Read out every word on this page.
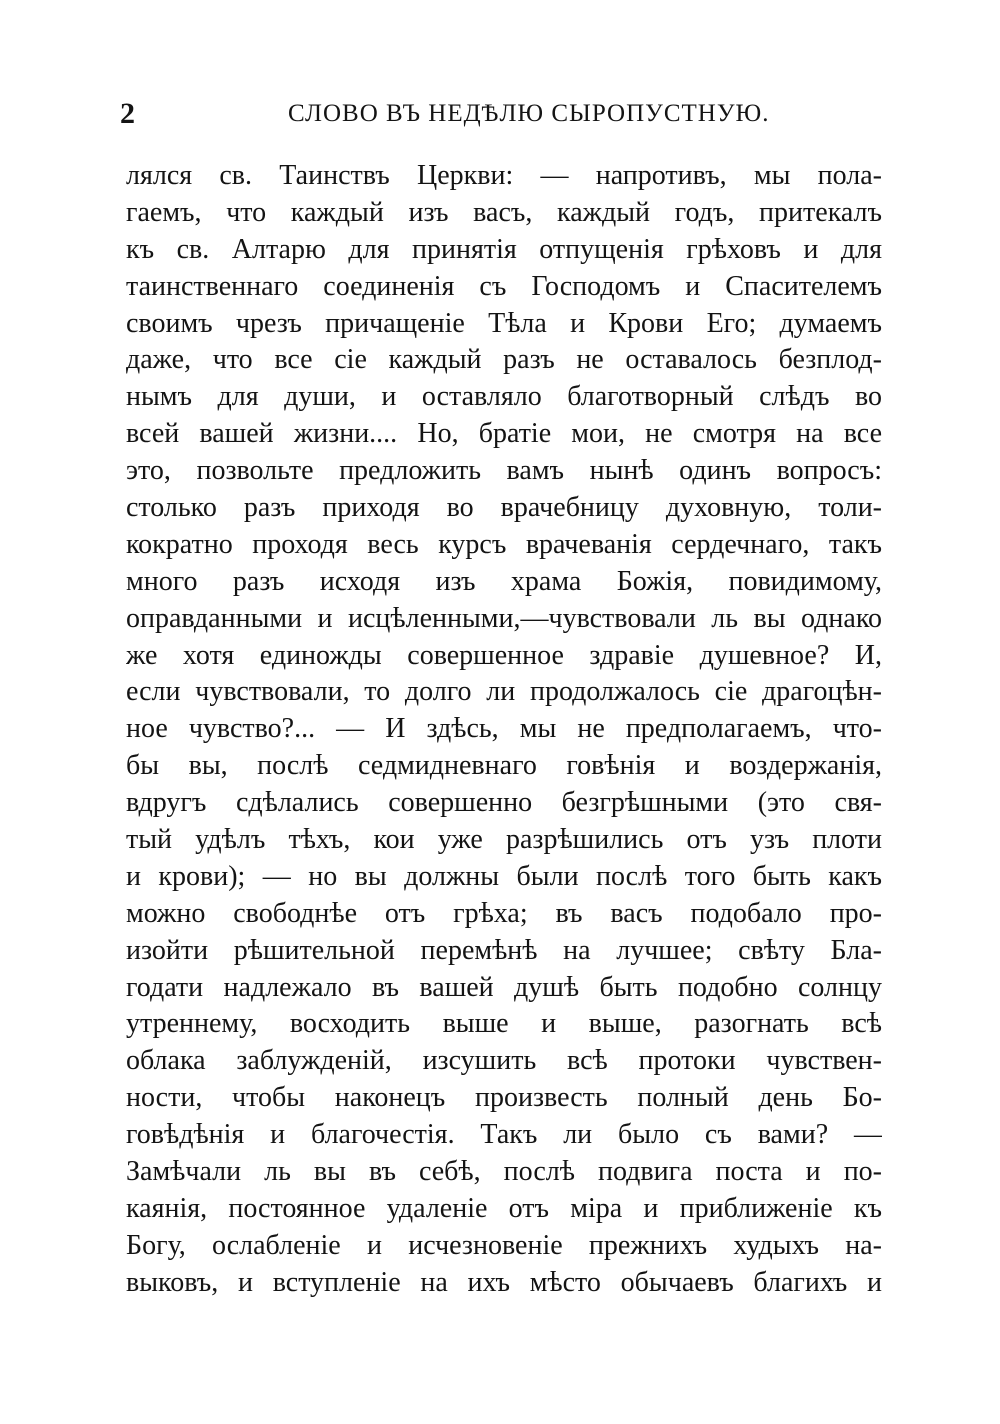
2	СЛОВО ВЪ НЕДѢЛЮ СЫРОПУСТНУЮ.
лялся св. Таинствъ Церкви: — напротивъ, мы пола-
гаемъ, что каждый изъ васъ, каждый годъ, притекалъ
къ св. Алтарю для принятія отпущенія грѣховъ и для
таинственнаго соединенія съ Господомъ и Спасителемъ
своимъ чрезъ причащеніе Тѣла и Крови Его; думаемъ
даже, что все сіе каждый разъ не оставалось безплод-
нымъ для души, и оставляло благотворный слѣдъ во
всей вашей жизни.... Но, братіе мои, не смотря на все
это, позвольте предложить вамъ нынѣ одинъ вопросъ:
столько разъ приходя во врачебницу духовную, толи-
кократно проходя весь курсъ врачеванія сердечнаго, такъ
много разъ исходя изъ храма Божія, повидимому,
оправданными и исцѣленными,—чувствовали ль вы однако
же хотя единожды совершенное здравіе душевное? И,
если чувствовали, то долго ли продолжалось сіе драгоцѣн-
ное чувство?... — И здѣсь, мы не предполагаемъ, что-
бы вы, послѣ седмидневнаго говѣнія и воздержанія,
вдругъ сдѣлались совершенно безгрѣшными (это свя-
тый удѣлъ тѣхъ, кои уже разрѣшились отъ узъ плоти
и крови); — но вы должны были послѣ того быть какъ
можно свободнѣе отъ грѣха; въ васъ подобало про-
изойти рѣшительной перемѣнѣ на лучшее; свѣту Бла-
годати надлежало въ вашей душѣ быть подобно солнцу
утреннему, восходить выше и выше, разогнать всѣ
облака заблужденій, изсушить всѣ протоки чувствен-
ности, чтобы наконецъ произвесть полный день Бо-
говѣдѣнія и благочестія. Такъ ли было съ вами? —
Замѣчали ль вы въ себѣ, послѣ подвига поста и по-
каянія, постоянное удаленіе отъ міра и приближеніе къ
Богу, ослабленіе и исчезновеніе прежнихъ худыхъ на-
выковъ, и вступленіе на ихъ мѣсто обычаевъ благихъ и
